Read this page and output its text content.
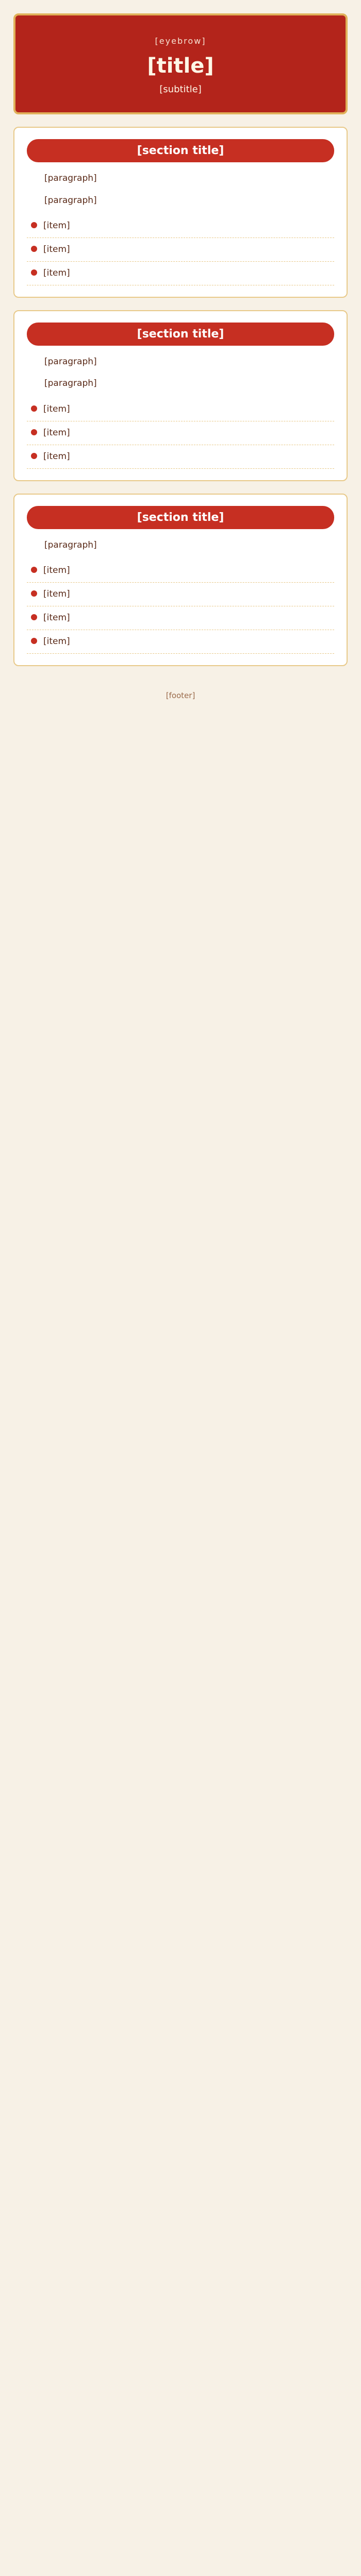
[eyebrow]
[title]
[subtitle]
[section title]

[paragraph]

[paragraph]

[item]
[item]
[item]
[section title]

[paragraph]

[paragraph]

[item]
[item]
[item]
[section title]

[paragraph]

[item]
[item]
[item]
[item]
[footer]
